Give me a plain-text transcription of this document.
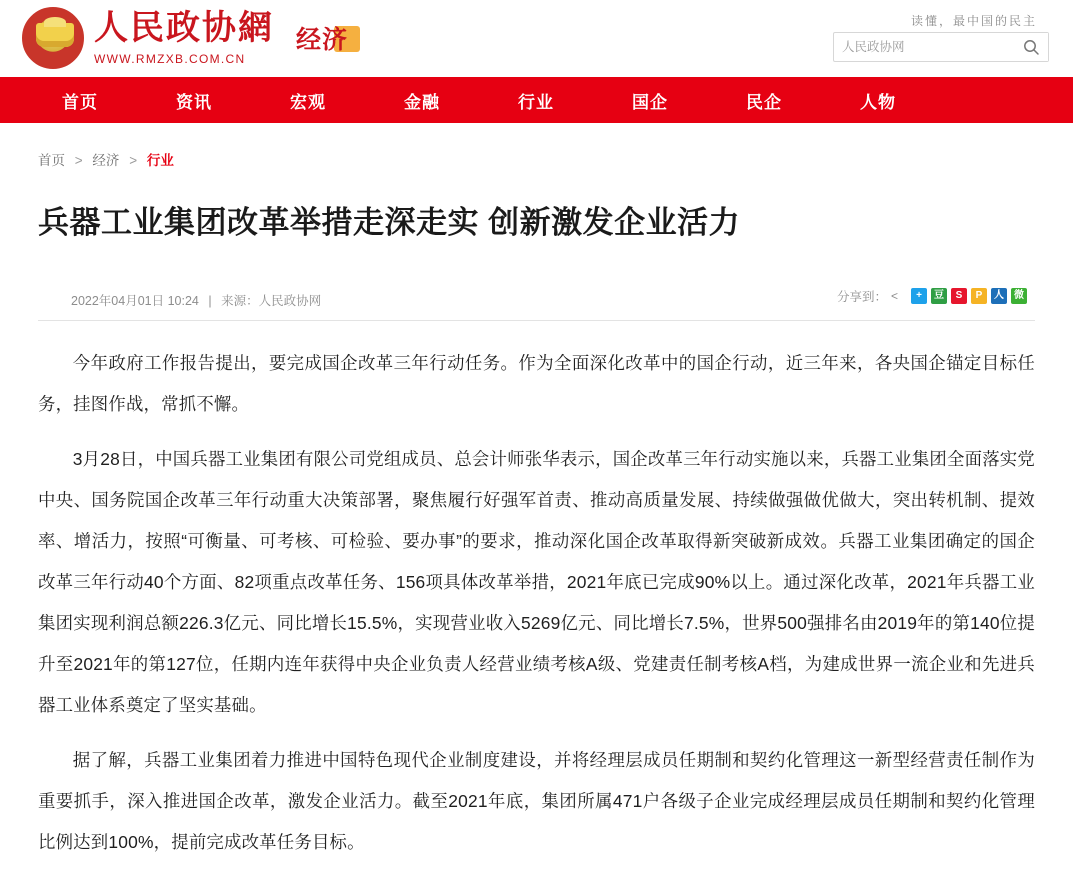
人民政协網
WWW.RMZXB.COM.CN
经济
读懂，最中国的民主
人民政协网
首页	资讯	宏观	金融	行业	国企	民企	人物
首页 > 经济 > 行业
兵器工业集团改革举措走深走实 创新激发企业活力
2022年04月01日 10:24 | 来源：人民政协网	分享到： <	+	豆	S	P	人	微

今年政府工作报告提出，要完成国企改革三年行动任务。作为全面深化改革中的国企行动，近三年来，各央国企锚定目标任务，挂图作战，常抓不懈。

3月28日，中国兵器工业集团有限公司党组成员、总会计师张华表示，国企改革三年行动实施以来，兵器工业集团全面落实党中央、国务院国企改革三年行动重大决策部署，聚焦履行好强军首责、推动高质量发展、持续做强做优做大，突出转机制、提效率、增活力，按照“可衡量、可考核、可检验、要办事”的要求，推动深化国企改革取得新突破新成效。兵器工业集团确定的国企改革三年行动40个方面、82项重点改革任务、156项具体改革举措，2021年底已完成90%以上。通过深化改革，2021年兵器工业集团实现利润总额226.3亿元、同比增长15.5%，实现营业收入5269亿元、同比增长7.5%，世界500强排名由2019年的第140位提升至2021年的第127位，任期内连年获得中央企业负责人经营业绩考核A级、党建责任制考核A档，为建成世界一流企业和先进兵器工业体系奠定了坚实基础。

据了解，兵器工业集团着力推进中国特色现代企业制度建设，并将经理层成员任期制和契约化管理这一新型经营责任制作为重要抓手，深入推进国企改革，激发企业活力。截至2021年底，集团所属471户各级子企业完成经理层成员任期制和契约化管理比例达到100%，提前完成改革任务目标。
